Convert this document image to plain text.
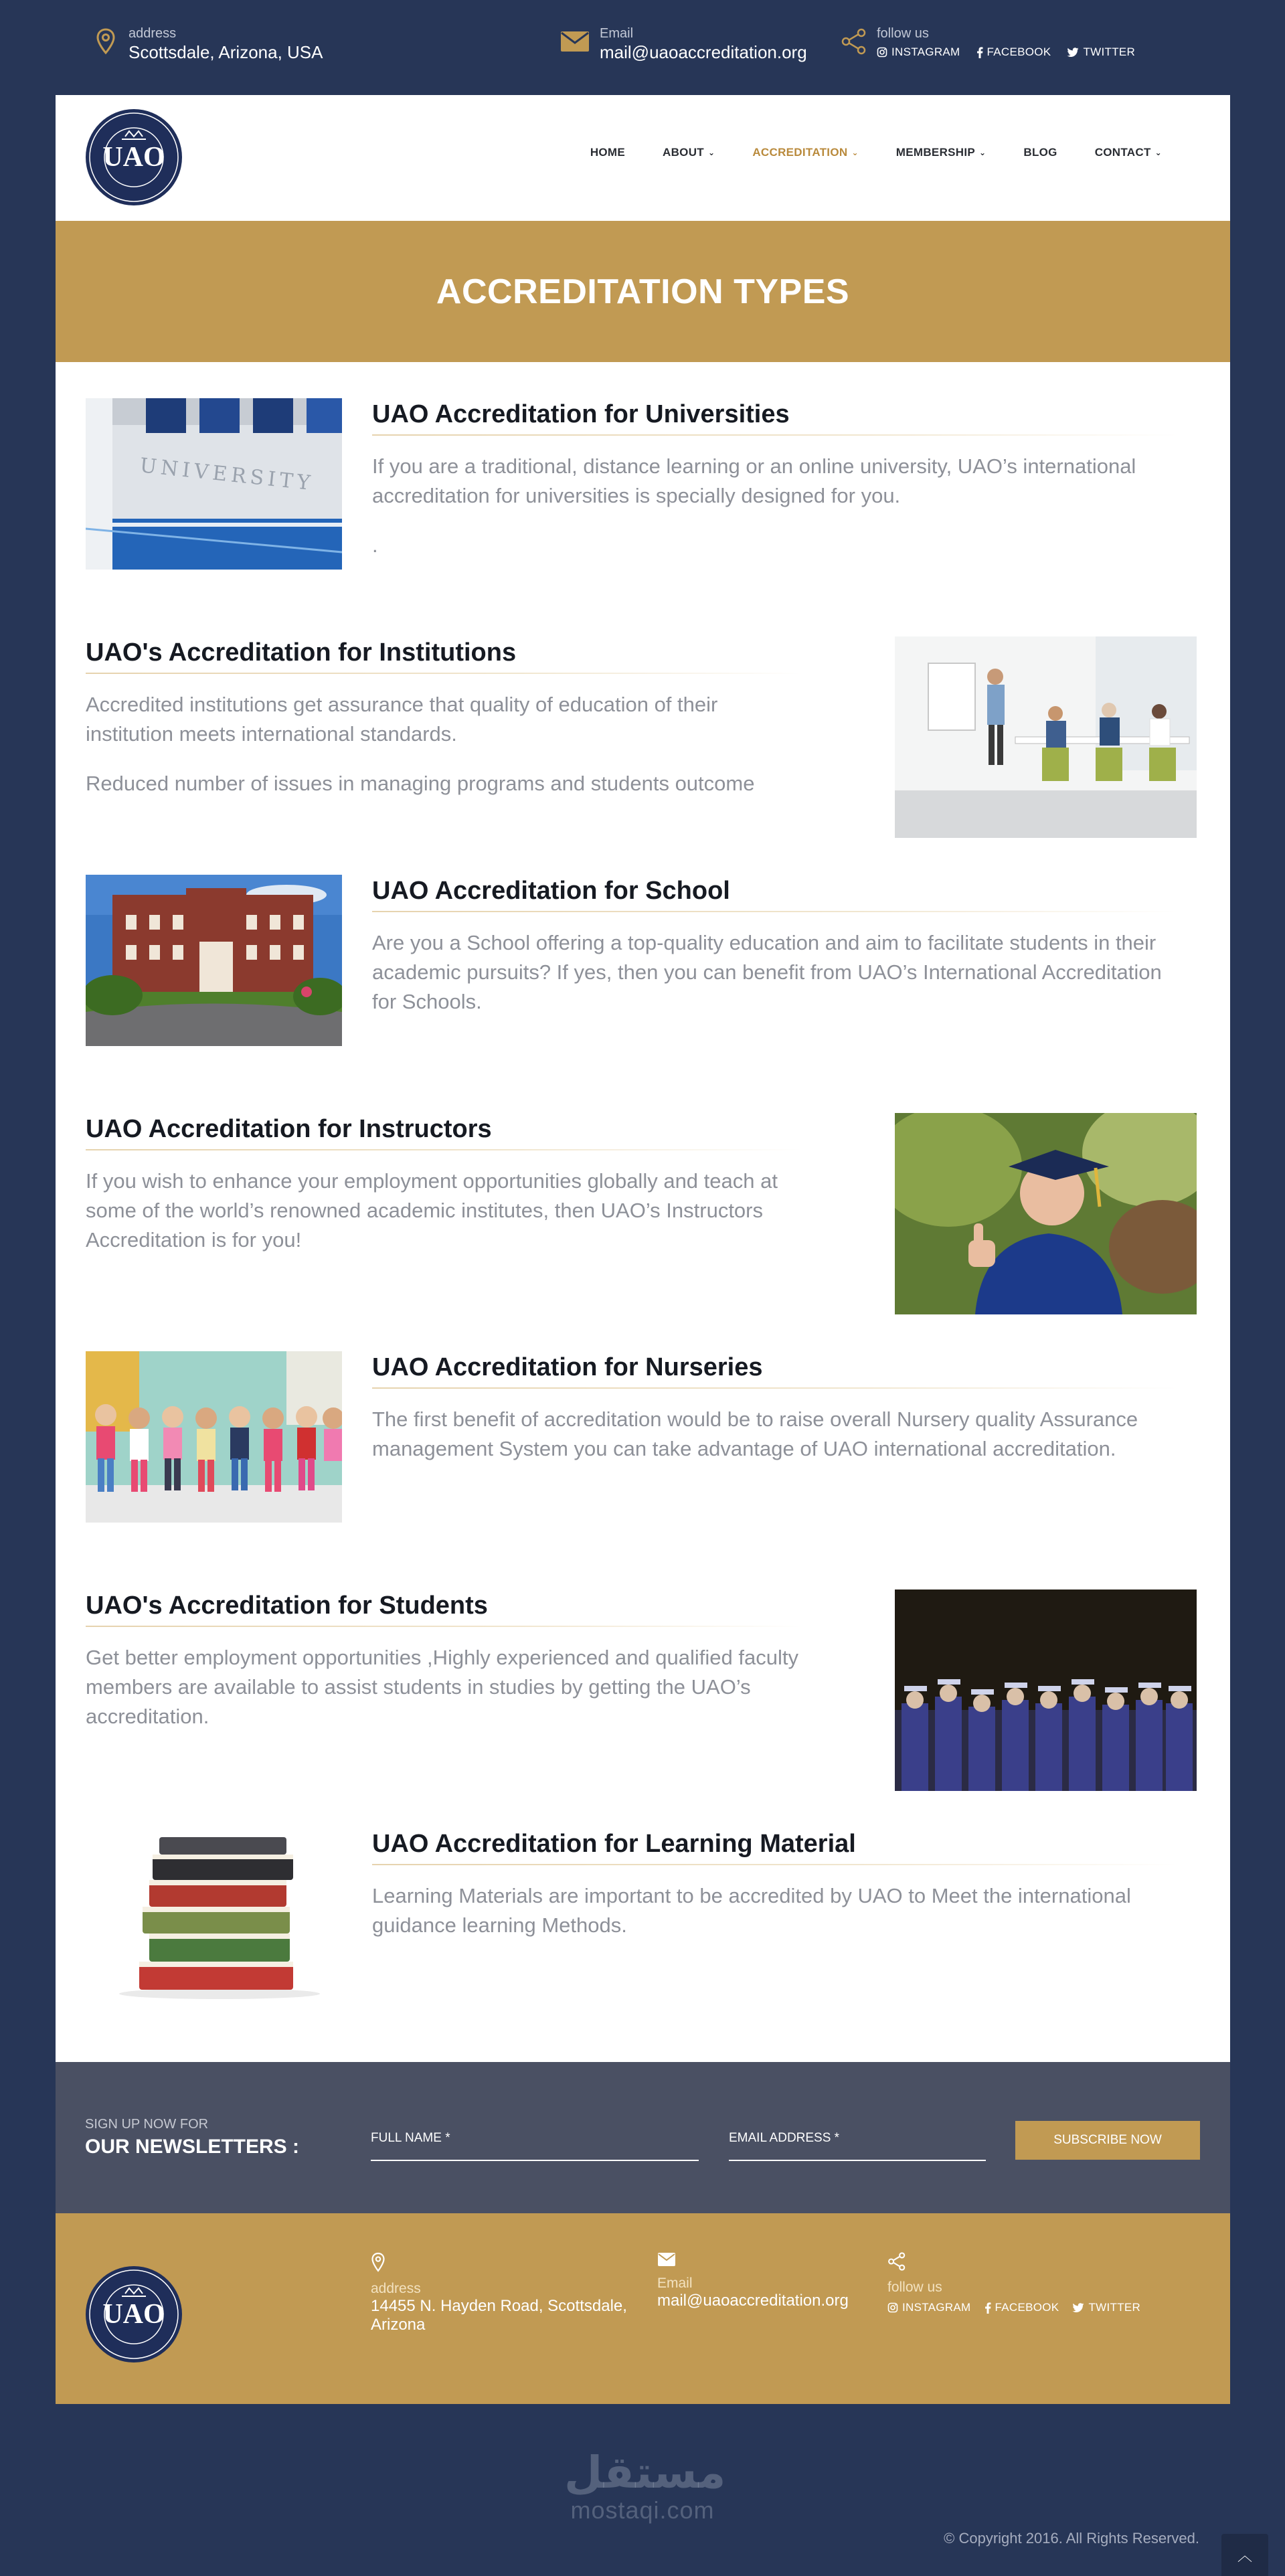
address
Scottsdale, Arizona, USA
Email
mail@uaoaccreditation.org
follow us
INSTAGRAM FACEBOOK	TWITTER
UAO	HOME	ABOUT ⌄	ACCREDITATION ⌄	MEMBERSHIP ⌄	BLOG	CONTACT ⌄
ACCREDITATION TYPES
UNIVERSITY
UAO Accreditation for Universities

If you are a traditional, distance learning or an online university, UAO’s international accreditation for universities is specially designed for you.

.

UAO's Accreditation for Institutions

Accredited institutions get assurance that quality of education of their institution meets international standards.

Reduced number of issues in managing programs and students outcome

UAO Accreditation for School

Are you a School offering a top-quality education and aim to facilitate students in their academic pursuits? If yes, then you can benefit from UAO’s International Accreditation for Schools.

UAO Accreditation for Instructors

If you wish to enhance your employment opportunities globally and teach at some of the world’s renowned academic institutes, then UAO’s Instructors Accreditation is for you!

UAO Accreditation for Nurseries

The first benefit of accreditation would be to raise overall Nursery quality Assurance management System you can take advantage of UAO international accreditation.

UAO's Accreditation for Students

Get better employment opportunities ,Highly experienced and qualified faculty members are available to assist students in studies by getting the UAO’s accreditation.

UAO Accreditation for Learning Material

Learning Materials are important to be accredited by UAO to Meet the international guidance learning Methods.

SIGN UP NOW FOR
OUR NEWSLETTERS :
FULL NAME *
EMAIL ADDRESS *	SUBSCRIBE NOW
UAO
address
14455 N. Hayden Road, Scottsdale, Arizona
Email
mail@uaoaccreditation.org
follow us
INSTAGRAM FACEBOOK	TWITTER
مستقل
mostaqi.com
© Copyright 2016. All Rights Reserved.
︿
